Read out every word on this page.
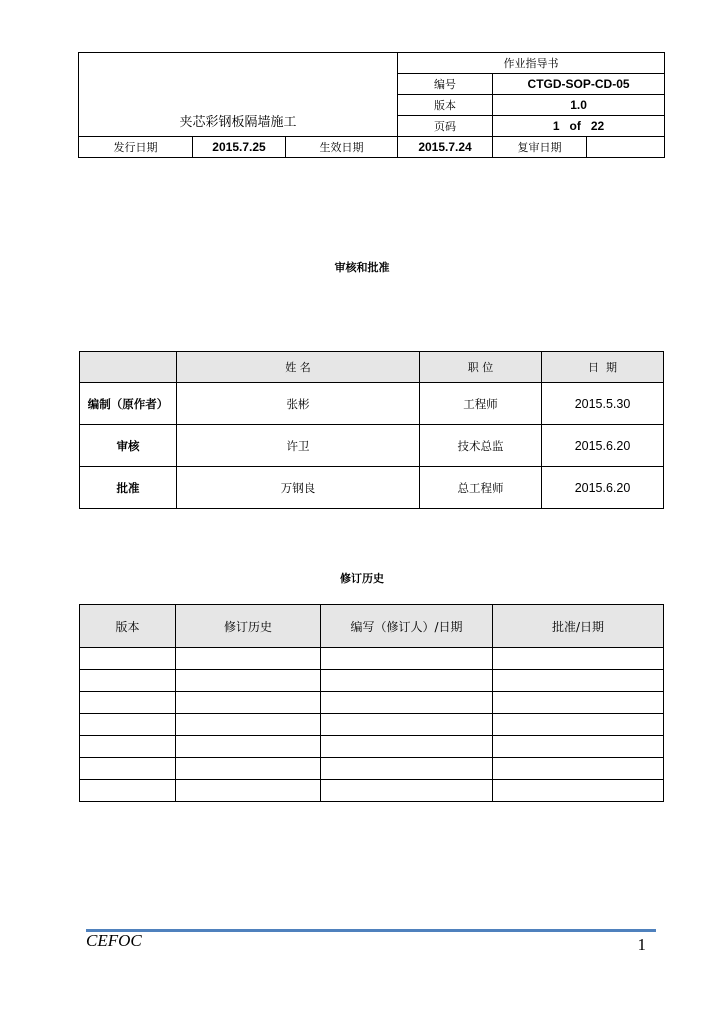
夹芯彩钢板隔墙施工			作业指导书		
			编号	CTGD-SOP-CD-05	
			版本	1.0	
			页码	1   of   22	
发行日期	2015.7.25	生效日期	2015.7.24	复审日期	
审核和批准
	姓 名	职 位	日  期
编制（原作者）	张彬	工程师	2015.5.30
审核	许卫	技术总监	2015.6.20
批准	万钢良	总工程师	2015.6.20
修订历史
版本	修订历史	编写（修订人）/日期	批准/日期

CEFOC	1
